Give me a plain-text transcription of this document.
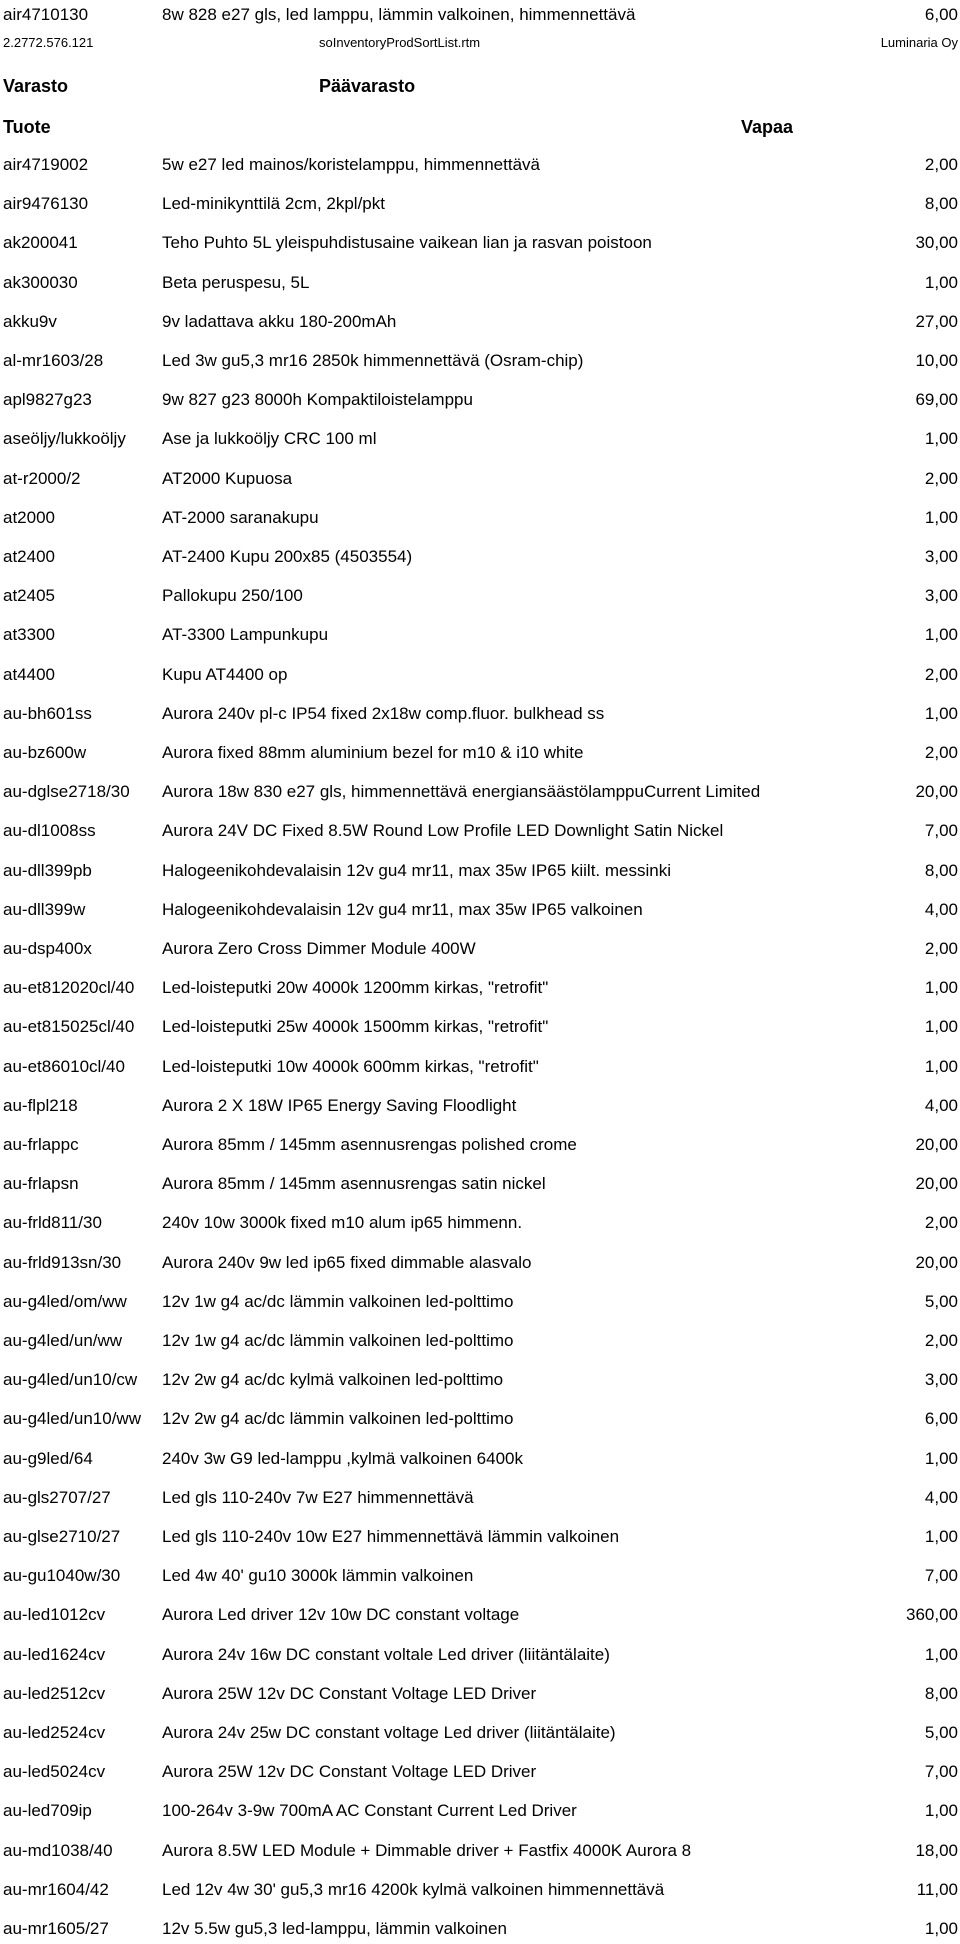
air4710130	8w 828 e27 gls, led lamppu, lämmin valkoinen, himmennettävä	6,00
2.2772.576.121	soInventoryProdSortList.rtm	Luminaria Oy
Varasto	Päävarasto
Tuote	Vapaa
air4719002	5w e27 led mainos/koristelamppu, himmennettävä	2,00
air9476130	Led-minikynttilä 2cm, 2kpl/pkt	8,00
ak200041	Teho Puhto 5L yleispuhdistusaine vaikean lian ja rasvan poistoon	30,00
ak300030	Beta peruspesu, 5L	1,00
akku9v	9v ladattava akku 180-200mAh	27,00
al-mr1603/28	Led 3w gu5,3 mr16 2850k himmennettävä (Osram-chip)	10,00
apl9827g23	9w 827 g23 8000h Kompaktiloistelamppu	69,00
aseöljy/lukkoöljy	Ase ja lukkoöljy CRC 100 ml	1,00
at-r2000/2	AT2000 Kupuosa	2,00
at2000	AT-2000 saranakupu	1,00
at2400	AT-2400 Kupu 200x85 (4503554)	3,00
at2405	Pallokupu 250/100	3,00
at3300	AT-3300 Lampunkupu	1,00
at4400	Kupu AT4400 op	2,00
au-bh601ss	Aurora 240v pl-c IP54 fixed 2x18w comp.fluor. bulkhead ss	1,00
au-bz600w	Aurora fixed 88mm aluminium bezel for m10 & i10 white	2,00
au-dglse2718/30	Aurora 18w 830 e27 gls, himmennettävä energiansäästölamppuCurrent Limited	20,00
au-dl1008ss	Aurora 24V DC Fixed 8.5W Round Low Profile LED Downlight Satin Nickel	7,00
au-dll399pb	Halogeenikohdevalaisin 12v gu4 mr11, max 35w IP65 kiilt. messinki	8,00
au-dll399w	Halogeenikohdevalaisin 12v gu4 mr11, max 35w IP65 valkoinen	4,00
au-dsp400x	Aurora Zero Cross Dimmer Module 400W	2,00
au-et812020cl/40	Led-loisteputki 20w 4000k 1200mm kirkas, "retrofit"	1,00
au-et815025cl/40	Led-loisteputki 25w 4000k 1500mm kirkas, "retrofit"	1,00
au-et86010cl/40	Led-loisteputki 10w 4000k 600mm kirkas, "retrofit"	1,00
au-flpl218	Aurora 2 X 18W IP65 Energy Saving Floodlight	4,00
au-frlappc	Aurora 85mm / 145mm asennusrengas polished crome	20,00
au-frlapsn	Aurora 85mm / 145mm asennusrengas satin nickel	20,00
au-frld811/30	240v 10w 3000k fixed m10 alum ip65 himmenn.	2,00
au-frld913sn/30	Aurora 240v 9w led ip65 fixed dimmable alasvalo	20,00
au-g4led/om/ww	12v 1w g4 ac/dc lämmin valkoinen led-polttimo	5,00
au-g4led/un/ww	12v 1w g4 ac/dc lämmin valkoinen led-polttimo	2,00
au-g4led/un10/cw	12v 2w g4 ac/dc kylmä valkoinen led-polttimo	3,00
au-g4led/un10/ww	12v 2w g4 ac/dc lämmin valkoinen led-polttimo	6,00
au-g9led/64	240v 3w G9 led-lamppu ,kylmä valkoinen 6400k	1,00
au-gls2707/27	Led gls 110-240v 7w E27 himmennettävä	4,00
au-glse2710/27	Led gls 110-240v 10w E27 himmennettävä lämmin valkoinen	1,00
au-gu1040w/30	Led 4w 40' gu10 3000k lämmin valkoinen	7,00
au-led1012cv	Aurora Led driver 12v 10w DC constant voltage	360,00
au-led1624cv	Aurora 24v 16w DC constant voltale Led driver (liitäntälaite)	1,00
au-led2512cv	Aurora 25W 12v DC Constant Voltage LED Driver	8,00
au-led2524cv	Aurora 24v 25w DC constant voltage Led driver (liitäntälaite)	5,00
au-led5024cv	Aurora 25W 12v DC Constant Voltage LED Driver	7,00
au-led709ip	100-264v 3-9w 700mA AC Constant Current Led Driver	1,00
au-md1038/40	Aurora 8.5W LED Module + Dimmable driver + Fastfix 4000K Aurora 8	18,00
au-mr1604/42	Led 12v 4w 30' gu5,3 mr16 4200k kylmä valkoinen himmennettävä	11,00
au-mr1605/27	12v 5.5w gu5,3 led-lamppu, lämmin valkoinen	1,00
